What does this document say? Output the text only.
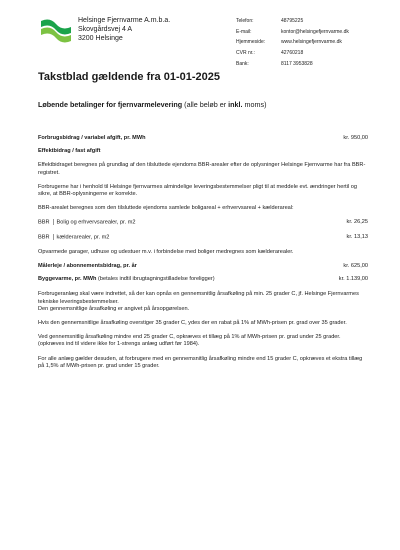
Helsinge Fjernvarme A.m.b.a.
Skovgårdsvej 4 A
3200 Helsinge
Telefon:	48795225
E-mail:	kontor@helsingefjernvarme.dk
Hjemmeside:	www.helsingefjernvarme.dk
CVR nr.:	42760218
Bank:	8117 3953828
Takstblad gældende fra 01-01-2025
Løbende betalinger for fjernvarmelevering (alle beløb er inkl. moms)
Forbrugsbidrag / variabel afgift, pr. MWh	kr. 950,00
Effektbidrag / fast afgift

Effektbidraget beregnes på grundlag af den tilsluttede ejendoms BBR-arealer efter de oplysninger Helsinge Fjernvarme har fra BBR-registret.

Forbrugerne har i henhold til Helsinge fjernvarmes almindelige leveringsbestemmelser pligt til at meddele evt. ændringer hertil og sikre, at BBR-oplysningerne er korrekte.

BBR-arealet beregnes som den tilsluttede ejendoms samlede boligareal + erhvervsareal + kælderareal:

BBR Bolig og erhvervsarealer, pr. m2	kr. 26,25
BBR kælderarealer, pr. m2	kr. 13,13

Opvarmede garager, udhuse og udestuer m.v. i forbindelse med boliger medregnes som kælderarealer.

Målerleje / abonnementsbidrag, pr. år	kr. 625,00
Byggevarme, pr. MWh (betales indtil ibrugtagningstilladelse foreligger)	kr. 1.139,00

Forbrugeranlæg skal være indrettet, så der kan opnås en gennemsnitlig årsafkøling på min. 25 grader C, jf. Helsinge Fjernvarmes tekniske leveringsbestemmelser.

Den gennemsnitlige årsafkøling er angivet på årsopgørelsen.

Hvis den gennemsnitlige årsafkøling overstiger 35 grader C, ydes der en rabat på 1% af MWh-prisen pr. grad over 35 grader.

Ved gennemsnitlig årsafkøling mindre end 25 grader C, opkræves et tillæg på 1% af MWh-prisen pr. grad under 25 grader. (opkræves ind til videre ikke for 1-strengs anlæg udført før 1984).

For alle anlæg gælder desuden, at forbrugere med en gennemsnitlig årsafkøling mindre end 15 grader C, opkræves et ekstra tillæg på 1,5% af MWh-prisen pr. grad under 15 grader.
